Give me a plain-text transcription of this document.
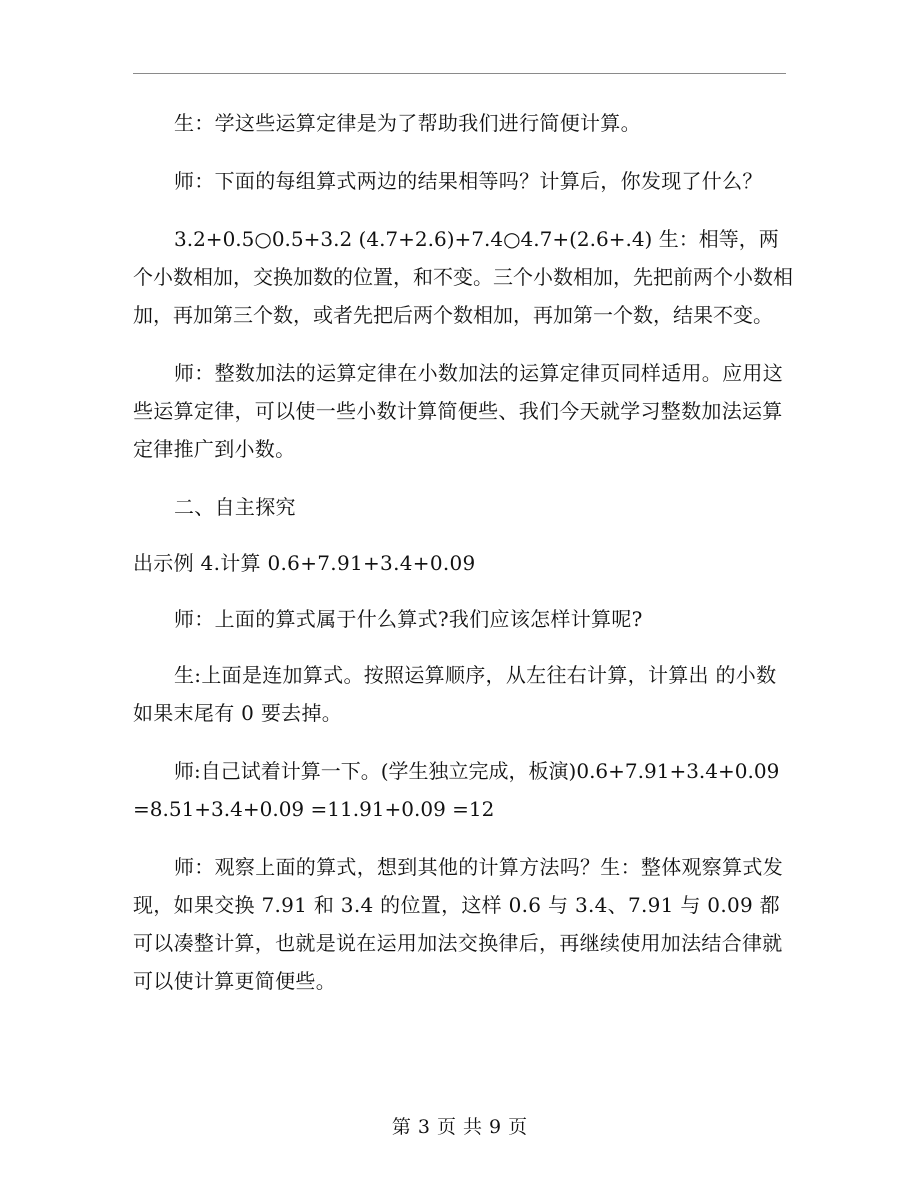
生：学这些运算定律是为了帮助我们进行简便计算。

师：下面的每组算式两边的结果相等吗？计算后，你发现了什么？

3.2+0.5○0.5+3.2 (4.7+2.6)+7.4○4.7+(2.6+.4) 生：相等，两个小数相加，交换加数的位置，和不变。三个小数相加，先把前两个小数相加，再加第三个数，或者先把后两个数相加，再加第一个数，结果不变。

师：整数加法的运算定律在小数加法的运算定律页同样适用。应用这些运算定律，可以使一些小数计算简便些、我们今天就学习整数加法运算定律推广到小数。

二、自主探究

出示例 4.计算 0.6+7.91+3.4+0.09

师：上面的算式属于什么算式?我们应该怎样计算呢?

生:上面是连加算式。按照运算顺序，从左往右计算，计算出 的小数如果末尾有 0 要去掉。

师:自己试着计算一下。(学生独立完成，板演)0.6+7.91+3.4+0.09 =8.51+3.4+0.09 =11.91+0.09 =12

师：观察上面的算式，想到其他的计算方法吗？生：整体观察算式发现，如果交换 7.91 和 3.4 的位置，这样 0.6 与 3.4、7.91 与 0.09 都可以凑整计算，也就是说在运用加法交换律后，再继续使用加法结合律就可以使计算更简便些。

第 3 页 共 9 页
